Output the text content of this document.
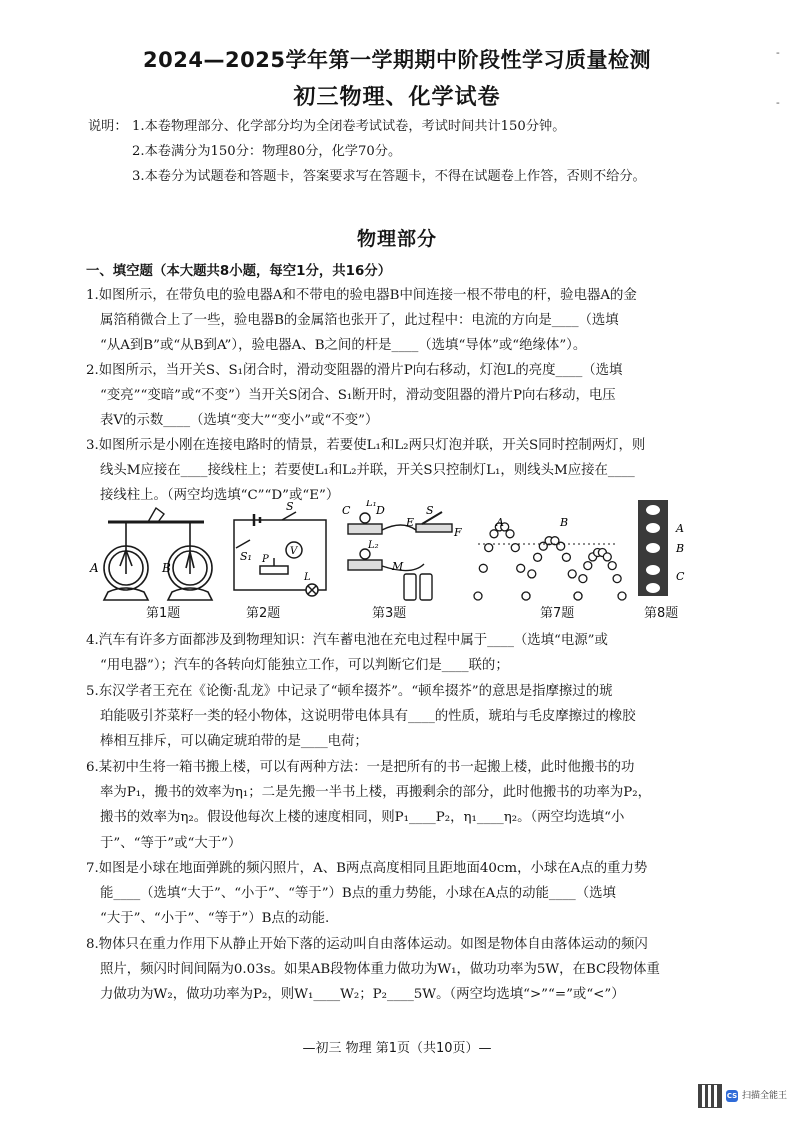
2024—2025学年第一学期期中阶段性学习质量检测
初三物理、化学试卷
说明： 1.本卷物理部分、化学部分均为全闭卷考试试卷，考试时间共计150分钟。
2.本卷满分为150分：物理80分，化学70分。
3.本卷分为试题卷和答题卡，答案要求写在答题卡，不得在试题卷上作答，否则不给分。
物理部分
一、填空题（本大题共8小题，每空1分，共16分）
1.如图所示，在带负电的验电器A和不带电的验电器B中间连接一根不带电的杆，验电器A的金
属箔稍微合上了一些，验电器B的金属箔也张开了，此过程中：电流的方向是____（选填
“从A到B”或“从B到A”），验电器A、B之间的杆是____（选填“导体”或“绝缘体”）。
2.如图所示，当开关S、S₁闭合时，滑动变阻器的滑片P向右移动，灯泡L的亮度____（选填
“变亮”“变暗”或“不变”）当开关S闭合、S₁断开时，滑动变阻器的滑片P向右移动，电压
表V的示数____（选填“变大”“变小”或“不变”）
3.如图所示是小刚在连接电路时的情景，若要使L₁和L₂两只灯泡并联，开关S同时控制两灯，则
线头M应接在____接线柱上；若要使L₁和L₂并联，开关S只控制灯L₁，则线头M应接在____
接线柱上。（两空均选填“C”“D”或“E”）
A	B
S
S₁	V
P
L
C D
L₁
L₂
E
S
F
M
A	B	A
B
C
第1题	第2题	第3题	第7题	第8题
4.汽车有许多方面都涉及到物理知识：汽车蓄电池在充电过程中属于____（选填“电源”或
“用电器”）；汽车的各转向灯能独立工作，可以判断它们是____联的；
5.东汉学者王充在《论衡·乱龙》中记录了“顿牟掇芥”。“顿牟掇芥”的意思是指摩擦过的琥
珀能吸引芥菜籽一类的轻小物体，这说明带电体具有____的性质，琥珀与毛皮摩擦过的橡胶
棒相互排斥，可以确定琥珀带的是____电荷；
6.某初中生将一箱书搬上楼，可以有两种方法：一是把所有的书一起搬上楼，此时他搬书的功
率为P₁，搬书的效率为η₁；二是先搬一半书上楼，再搬剩余的部分，此时他搬书的功率为P₂，
搬书的效率为η₂。假设他每次上楼的速度相同，则P₁____P₂，η₁____η₂。（两空均选填“小
于”、“等于”或“大于”）
7.如图是小球在地面弹跳的频闪照片，A、B两点高度相同且距地面40cm，小球在A点的重力势
能____（选填“大于”、“小于”、“等于”）B点的重力势能，小球在A点的动能____（选填
“大于”、“小于”、“等于”）B点的动能.
8.物体只在重力作用下从静止开始下落的运动叫自由落体运动。如图是物体自由落体运动的频闪
照片，频闪时间间隔为0.03s。如果AB段物体重力做功为W₁，做功功率为5W，在BC段物体重
力做功为W₂，做功功率为P₂，则W₁____W₂；P₂____5W。（两空均选填“>”“=”或“<”）
—初三 物理 第1页（共10页）—
CS 扫描全能王
-
-
